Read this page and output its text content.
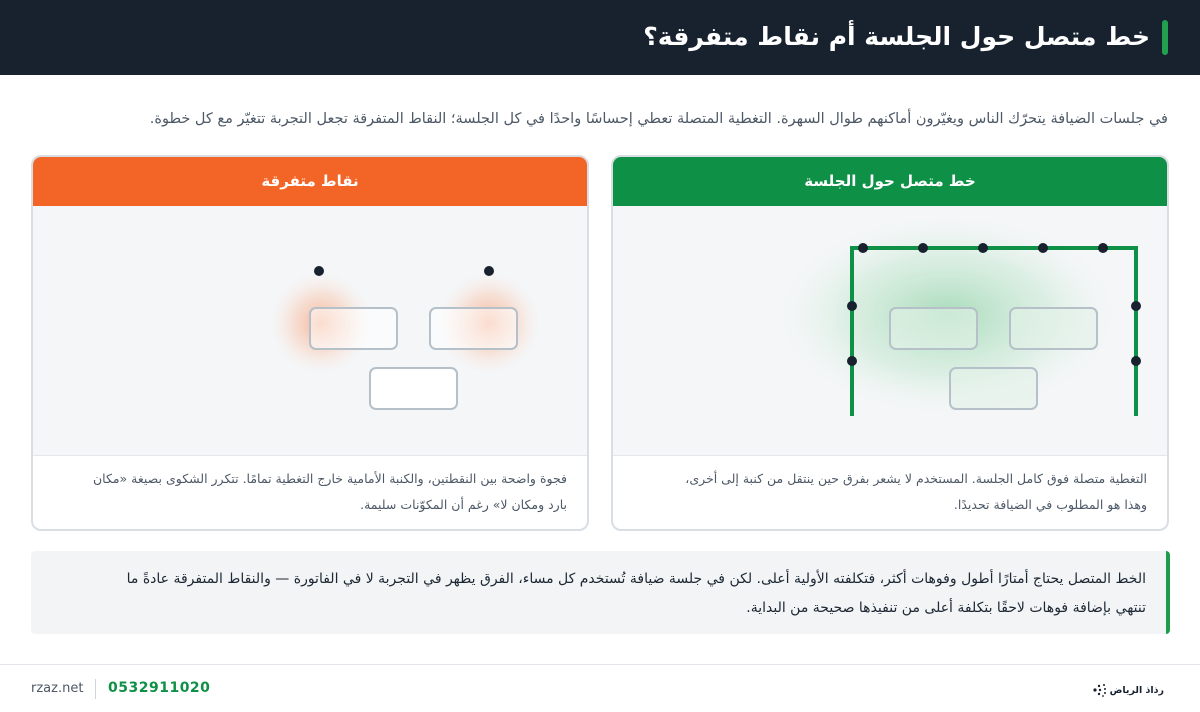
خط متصل حول الجلسة أم نقاط متفرقة؟

في جلسات الضيافة يتحرّك الناس ويغيّرون أماكنهم طوال السهرة. التغطية المتصلة تعطي إحساسًا واحدًا في كل الجلسة؛ النقاط المتفرقة تجعل التجربة تتغيّر مع كل خطوة.

خط متصل حول الجلسة
التغطية متصلة فوق كامل الجلسة. المستخدم لا يشعر بفرق حين ينتقل من كنبة إلى أخرى،
وهذا هو المطلوب في الضيافة تحديدًا.
نقاط متفرقة
فجوة واضحة بين النقطتين، والكنبة الأمامية خارج التغطية تمامًا. تتكرر الشكوى بصيغة «مكان
بارد ومكان لا» رغم أن المكوّنات سليمة.
الخط المتصل يحتاج أمتارًا أطول وفوهات أكثر، فتكلفته الأولية أعلى. لكن في جلسة ضيافة تُستخدم كل مساء، الفرق يظهر في التجربة لا في الفاتورة — والنقاط المتفرقة عادةً ما
تنتهي بإضافة فوهات لاحقًا بتكلفة أعلى من تنفيذها صحيحة من البداية.
rzaz.net 0532911020	رذاذ الرياض
